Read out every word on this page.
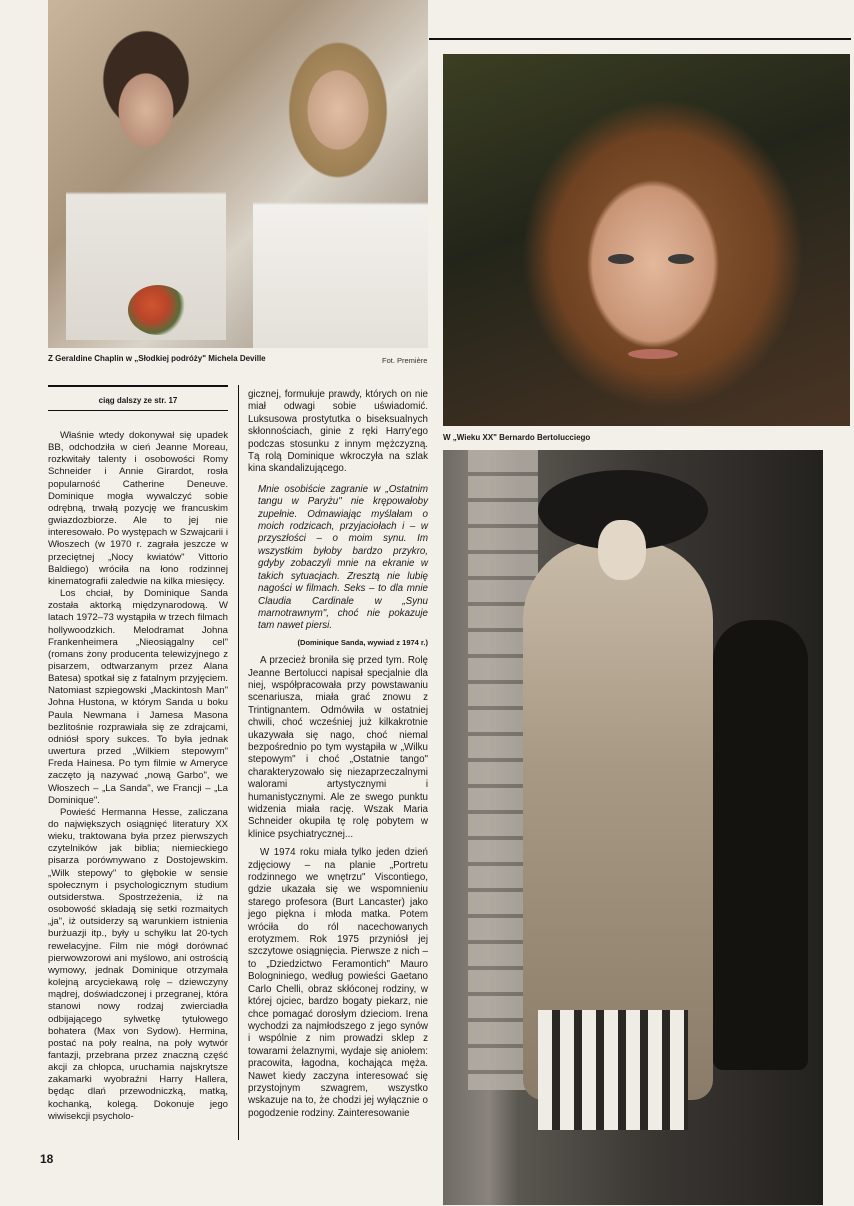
Z Geraldine Chaplin w „Słodkiej podróży" Michela Deville	Fot. Première
W „Wieku XX" Bernardo Bertolucciego
ciąg dalszy ze str. 17

Właśnie wtedy dokonywał się upadek BB, odchodziła w cień Jeanne Moreau, rozkwitały talenty i osobowości Romy Schneider i Annie Girardot, rosła popularność Catherine Deneuve. Dominique mogła wywalczyć sobie odrębną, trwałą pozycję we francuskim gwiazdozbiorze. Ale to jej nie interesowało. Po występach w Szwajcarii i Włoszech (w 1970 r. zagrała jeszcze w przeciętnej „Nocy kwiatów" Vittorio Baldiego) wróciła na łono rodzinnej kinematografii zaledwie na kilka miesięcy.

Los chciał, by Dominique Sanda została aktorką międzynarodową. W latach 1972–73 wystąpiła w trzech filmach hollywoodzkich. Melodramat Johna Frankenheimera „Nieosiągalny cel" (romans żony producenta telewizyjnego z pisarzem, odtwarzanym przez Alana Batesa) spotkał się z fatalnym przyjęciem. Natomiast szpiegowski „Mackintosh Man" Johna Hustona, w którym Sanda u boku Paula Newmana i Jamesa Masona bezlitośnie rozprawiała się ze zdrajcami, odniósł spory sukces. To była jednak uwertura przed „Wilkiem stepowym" Freda Hainesa. Po tym filmie w Ameryce zaczęto ją nazywać „nową Garbo", we Włoszech – „La Sanda", we Francji – „La Dominique".

Powieść Hermanna Hesse, zaliczana do największych osiągnięć literatury XX wieku, traktowana była przez pierwszych czytelników jak biblia; niemieckiego pisarza porównywano z Dostojewskim. „Wilk stepowy" to głębokie w sensie społecznym i psychologicznym studium outsiderstwa. Spostrzeżenia, iż na osobowość składają się setki rozmaitych „ja", iż outsiderzy są warunkiem istnienia burżuazji itp., były u schyłku lat 20-tych rewelacyjne. Film nie mógł dorównać pierwowzorowi ani myślowo, ani ostrością wymowy, jednak Dominique otrzymała kolejną arcyciekawą rolę – dziewczyny mądrej, doświadczonej i przegranej, która stanowi nowy rodzaj zwierciadła odbijającego sylwetkę tytułowego bohatera (Max von Sydow). Hermina, postać na poły realna, na poły wytwór fantazji, przebrana przez znaczną część akcji za chłopca, uruchamia najskrytsze zakamarki wyobraźni Harry Hallera, będąc dlań przewodniczką, matką, kochanką, kolegą. Dokonuje jego wiwisekcji psycholo-

gicznej, formułuje prawdy, których on nie miał odwagi sobie uświadomić. Luksusowa prostytutka o biseksualnych skłonnościach, ginie z ręki Harry'ego podczas stosunku z innym mężczyzną. Tą rolą Dominique wkroczyła na szlak kina skandalizującego.

Mnie osobiście zagranie w „Ostatnim tangu w Paryżu" nie krępowałoby zupełnie. Odmawiając myślałam o moich rodzicach, przyjaciołach i – w przyszłości – o moim synu. Im wszystkim byłoby bardzo przykro, gdyby zobaczyli mnie na ekranie w takich sytuacjach. Zresztą nie lubię nagości w filmach. Seks – to dla mnie Claudia Cardinale w „Synu marnotrawnym", choć nie pokazuje tam nawet piersi.

(Dominique Sanda, wywiad z 1974 r.)

A przecież broniła się przed tym. Rolę Jeanne Bertolucci napisał specjalnie dla niej, współpracowała przy powstawaniu scenariusza, miała grać znowu z Trintignantem. Odmówiła w ostatniej chwili, choć wcześniej już kilkakrotnie ukazywała się nago, choć niemal bezpośrednio po tym wystąpiła w „Wilku stepowym" i choć „Ostatnie tango" charakteryzowało się niezaprzeczalnymi walorami artystycznymi i humanistycznymi. Ale ze swego punktu widzenia miała rację. Wszak Maria Schneider okupiła tę rolę pobytem w klinice psychiatrycznej...

W 1974 roku miała tylko jeden dzień zdjęciowy – na planie „Portretu rodzinnego we wnętrzu" Viscontiego, gdzie ukazała się we wspomnieniu starego profesora (Burt Lancaster) jako jego piękna i młoda matka. Potem wróciła do ról nacechowanych erotyzmem. Rok 1975 przyniósł jej szczytowe osiągnięcia. Pierwsze z nich – to „Dziedzictwo Feramontich" Mauro Bologniniego, według powieści Gaetano Carlo Chelli, obraz skłóconej rodziny, w której ojciec, bardzo bogaty piekarz, nie chce pomagać dorosłym dzieciom. Irena wychodzi za najmłodszego z jego synów i wspólnie z nim prowadzi sklep z towarami żelaznymi, wydaje się aniołem: pracowita, łagodna, kochająca męża. Nawet kiedy zaczyna interesować się przystojnym szwagrem, wszystko wskazuje na to, że chodzi jej wyłącznie o pogodzenie rodziny. Zainteresowanie

18
